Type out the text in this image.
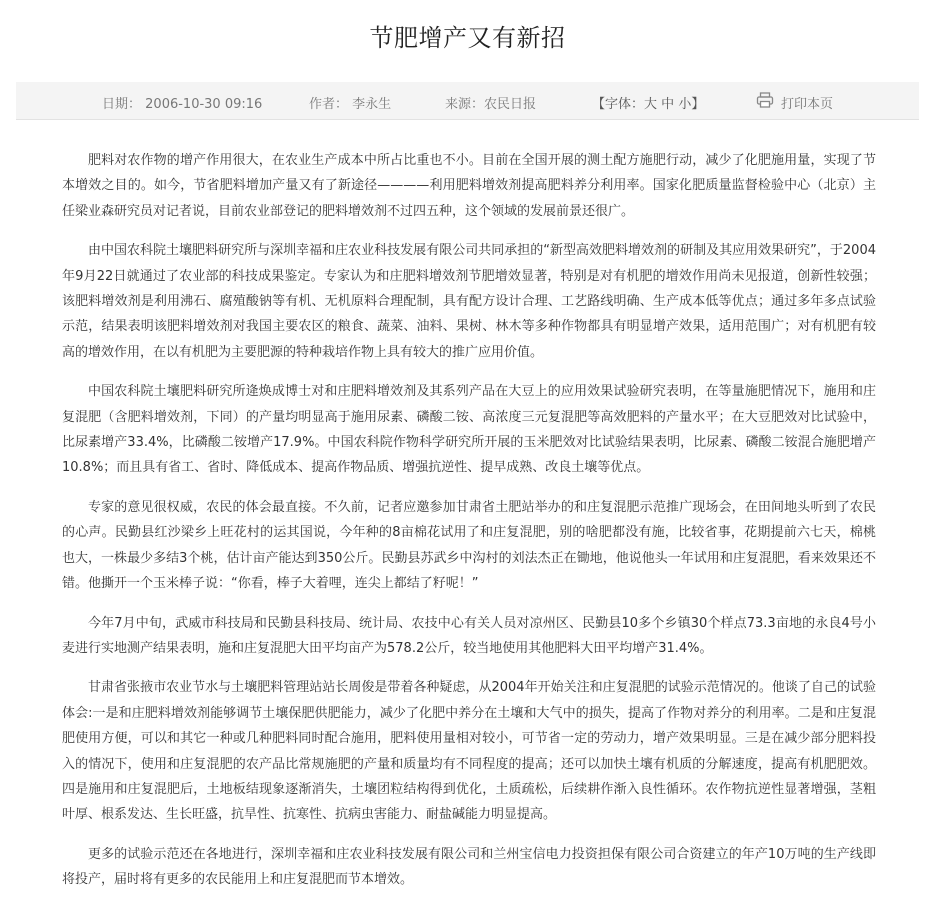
节肥增产又有新招
日期： 2006-10-30 09:16	作者： 李永生	来源：农民日报	【字体：大 中 小】	打印本页

肥料对农作物的增产作用很大，在农业生产成本中所占比重也不小。目前在全国开展的测土配方施肥行动，减少了化肥施用量，实现了节本增效之目的。如今，节省肥料增加产量又有了新途径————利用肥料增效剂提高肥料养分利用率。国家化肥质量监督检验中心（北京）主任梁业森研究员对记者说，目前农业部登记的肥料增效剂不过四五种，这个领域的发展前景还很广。

由中国农科院土壤肥料研究所与深圳幸福和庄农业科技发展有限公司共同承担的“新型高效肥料增效剂的研制及其应用效果研究”，于2004年9月22日就通过了农业部的科技成果鉴定。专家认为和庄肥料增效剂节肥增效显著，特别是对有机肥的增效作用尚未见报道，创新性较强；该肥料增效剂是利用沸石、腐殖酸钠等有机、无机原料合理配制，具有配方设计合理、工艺路线明确、生产成本低等优点；通过多年多点试验示范，结果表明该肥料增效剂对我国主要农区的粮食、蔬菜、油料、果树、林木等多种作物都具有明显增产效果，适用范围广；对有机肥有较高的增效作用，在以有机肥为主要肥源的特种栽培作物上具有较大的推广应用价值。

中国农科院土壤肥料研究所逄焕成博士对和庄肥料增效剂及其系列产品在大豆上的应用效果试验研究表明，在等量施肥情况下，施用和庄复混肥（含肥料增效剂，下同）的产量均明显高于施用尿素、磷酸二铵、高浓度三元复混肥等高效肥料的产量水平；在大豆肥效对比试验中，比尿素增产33.4%，比磷酸二铵增产17.9%。中国农科院作物科学研究所开展的玉米肥效对比试验结果表明，比尿素、磷酸二铵混合施肥增产10.8%；而且具有省工、省时、降低成本、提高作物品质、增强抗逆性、提早成熟、改良土壤等优点。

专家的意见很权威，农民的体会最直接。不久前，记者应邀参加甘肃省土肥站举办的和庄复混肥示范推广现场会，在田间地头听到了农民的心声。民勤县红沙梁乡上旺花村的运其国说，今年种的8亩棉花试用了和庄复混肥，别的啥肥都没有施，比较省事，花期提前六七天，棉桃也大，一株最少多结3个桃，估计亩产能达到350公斤。民勤县苏武乡中沟村的刘法杰正在锄地，他说他头一年试用和庄复混肥，看来效果还不错。他撕开一个玉米棒子说：“你看，棒子大着哩，连尖上都结了籽呢！”

今年7月中旬，武威市科技局和民勤县科技局、统计局、农技中心有关人员对凉州区、民勤县10多个乡镇30个样点73.3亩地的永良4号小麦进行实地测产结果表明，施和庄复混肥大田平均亩产为578.2公斤，较当地使用其他肥料大田平均增产31.4%。

甘肃省张掖市农业节水与土壤肥料管理站站长周俊是带着各种疑虑，从2004年开始关注和庄复混肥的试验示范情况的。他谈了自己的试验体会:一是和庄肥料增效剂能够调节土壤保肥供肥能力，减少了化肥中养分在土壤和大气中的损失，提高了作物对养分的利用率。二是和庄复混肥使用方便，可以和其它一种或几种肥料同时配合施用，肥料使用量相对较小，可节省一定的劳动力，增产效果明显。三是在减少部分肥料投入的情况下，使用和庄复混肥的农产品比常规施肥的产量和质量均有不同程度的提高；还可以加快土壤有机质的分解速度，提高有机肥肥效。四是施用和庄复混肥后，土地板结现象逐渐消失，土壤团粒结构得到优化，土质疏松，后续耕作渐入良性循环。农作物抗逆性显著增强，茎粗叶厚、根系发达、生长旺盛，抗旱性、抗寒性、抗病虫害能力、耐盐碱能力明显提高。

更多的试验示范还在各地进行，深圳幸福和庄农业科技发展有限公司和兰州宝信电力投资担保有限公司合资建立的年产10万吨的生产线即将投产，届时将有更多的农民能用上和庄复混肥而节本增效。
